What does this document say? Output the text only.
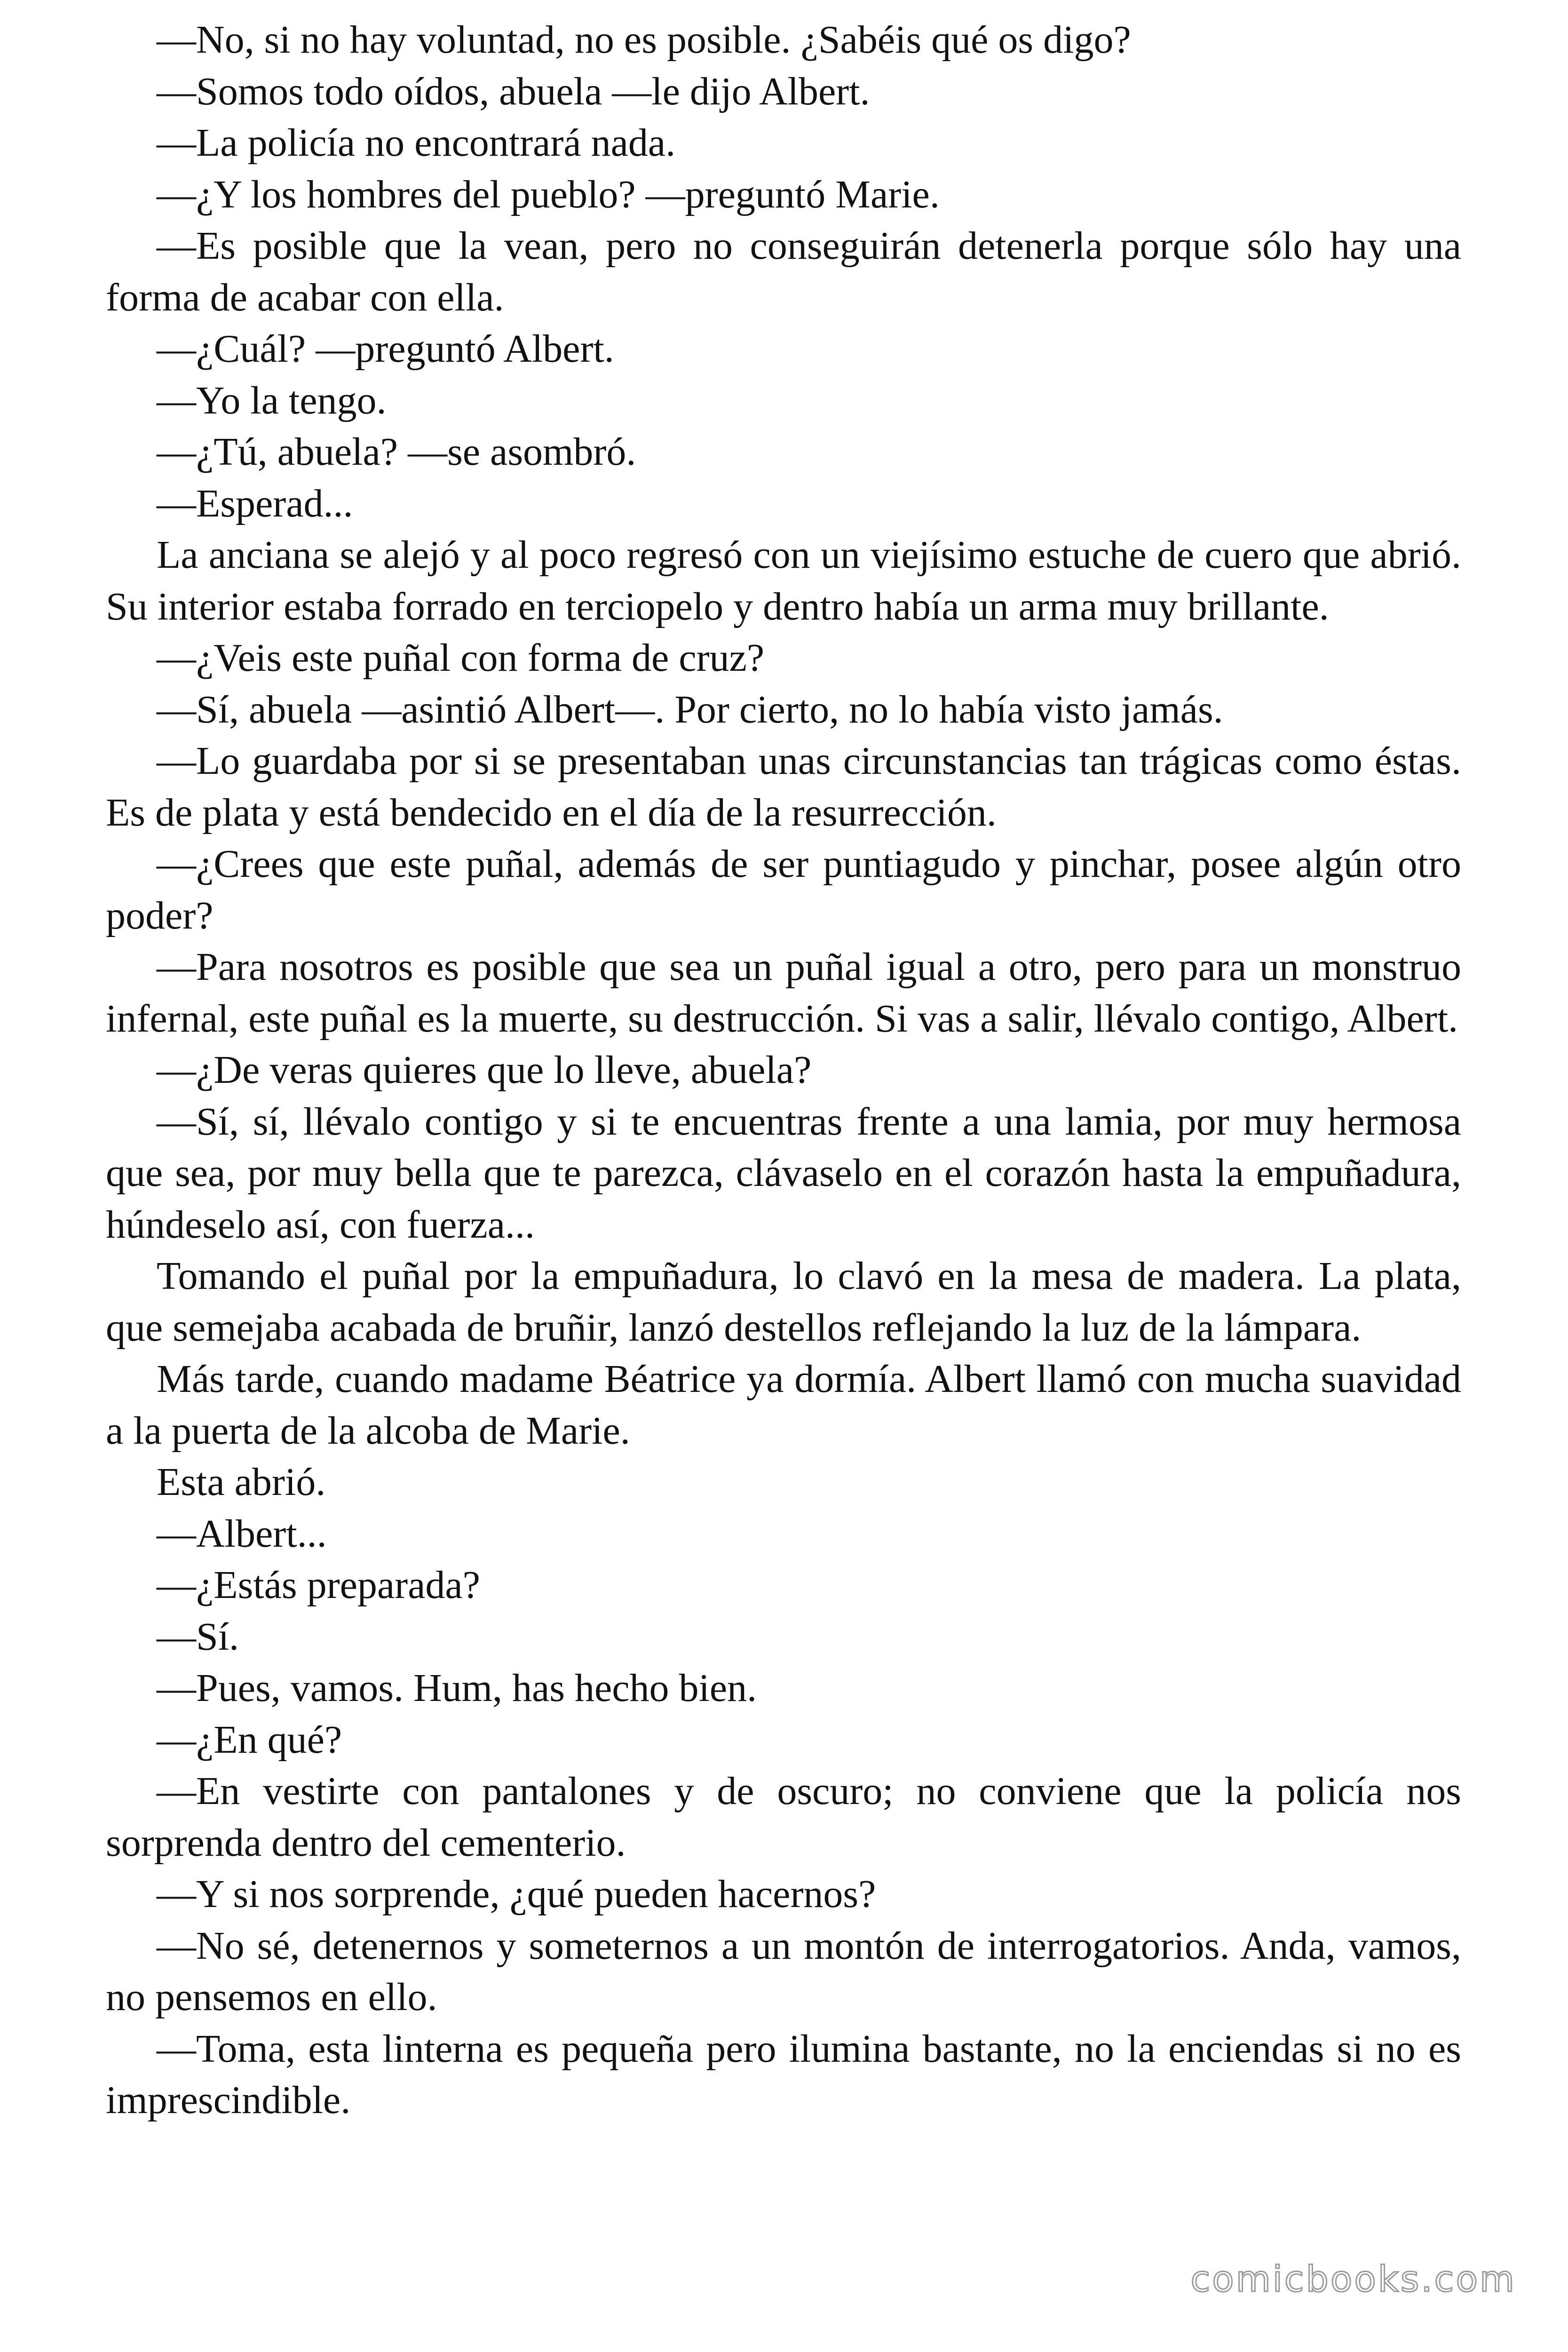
—No, si no hay voluntad, no es posible. ¿Sabéis qué os digo?

—Somos todo oídos, abuela —le dijo Albert.

—La policía no encontrará nada.

—¿Y los hombres del pueblo? —preguntó Marie.

—Es posible que la vean, pero no conseguirán detenerla porque sólo hay una forma de acabar con ella.

—¿Cuál? —preguntó Albert.

—Yo la tengo.

—¿Tú, abuela? —se asombró.

—Esperad...

La anciana se alejó y al poco regresó con un viejísimo estuche de cuero que abrió. Su interior estaba forrado en terciopelo y dentro había un arma muy brillante.

—¿Veis este puñal con forma de cruz?

—Sí, abuela —asintió Albert—. Por cierto, no lo había visto jamás.

—Lo guardaba por si se presentaban unas circunstancias tan trágicas como éstas. Es de plata y está bendecido en el día de la resurrección.

—¿Crees que este puñal, además de ser puntiagudo y pinchar, posee algún otro poder?

—Para nosotros es posible que sea un puñal igual a otro, pero para un monstruo infernal, este puñal es la muerte, su destrucción. Si vas a salir, llévalo contigo, Albert.

—¿De veras quieres que lo lleve, abuela?

—Sí, sí, llévalo contigo y si te encuentras frente a una lamia, por muy hermosa que sea, por muy bella que te parezca, clávaselo en el corazón hasta la empuñadura, húndeselo así, con fuerza...

Tomando el puñal por la empuñadura, lo clavó en la mesa de madera. La plata, que semejaba acabada de bruñir, lanzó destellos reflejando la luz de la lámpara.

Más tarde, cuando madame Béatrice ya dormía. Albert llamó con mucha suavidad a la puerta de la alcoba de Marie.

Esta abrió.

—Albert...

—¿Estás preparada?

—Sí.

—Pues, vamos. Hum, has hecho bien.

—¿En qué?

—En vestirte con pantalones y de oscuro; no conviene que la policía nos sorprenda dentro del cementerio.

—Y si nos sorprende, ¿qué pueden hacernos?

—No sé, detenernos y someternos a un montón de interrogatorios. Anda, vamos, no pensemos en ello.

—Toma, esta linterna es pequeña pero ilumina bastante, no la enciendas si no es imprescindible.

comicbooks.com
